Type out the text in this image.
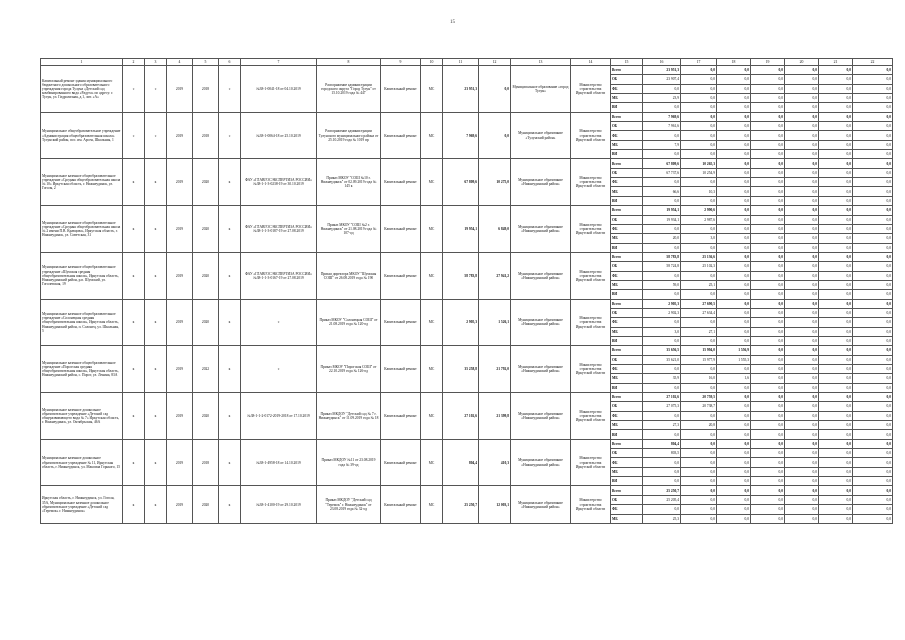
15
1	2	3	4	5	6	7	8	9	10	11	12	13	14	15	16	17	18	19	20	21	22
Капитальный ремонт здания муниципального бюджетного дошкольного образовательного учреждения города Тулуна «Детский сад комбинированного вида «Радуга» по адресу: г. Тулун, ул. Гидролизная, д.1, лит. «А»	с	с	2019	2018	с	№38-1-0041-18 от 04.10.2019	Распоряжение администрации городского округа "Город Тулун" от 15.10.2019 года № 447	Капитальный ремонт	МС	23 951,3	0,0	Муниципальное образование «город Тулун»	Министерство строительства Иркутской области	Всего	23 951,3	0,0	0,0	0,0	0,0	0,0	0,0
														ОБ	23 907,4	0,0	0,0	0,0	0,0	0,0	0,0
														ФБ	0,0	0,0	0,0	0,0	0,0	0,0	0,0
														МБ	23,9	0,0	0,0	0,0	0,0	0,0	0,0
														ВИ	0,0	0,0	0,0	0,0	0,0	0,0	0,0
Муниципальное общеобразовательное учреждение «Администрация общеобразовательная школа» Тулунский район, пос. им. Арсен, Школьная, 1	с	с	2019	2018	с	№38-1-0064-18 от 25.10.2019	Распоряжение администрации Тулунского муниципального района от 25.10.2019 года № 1019 пр	Капитальный ремонт	МС	7 969,6	0,0	Муниципальное образование «Тулунский район»	Министерство строительства Иркутской области	Всего	7 969,6	0,0	0,0	0,0	0,0	0,0	0,0
														ОБ	7 961,6	0,0	0,0	0,0	0,0	0,0	0,0
														ФБ	0,0	0,0	0,0	0,0	0,0	0,0	0,0
														МБ	7,9	0,0	0,0	0,0	0,0	0,0	0,0
														ВИ	0,0	0,0	0,0	0,0	0,0	0,0	0,0
Муниципальное казенное общеобразовательное учреждение «Средняя общеобразовательная школа № 10» Иркутская область, г. Нижнеудинск, ул. Гоголя, 2	к	к	2019	2020	к	ФАУ «ГЛАВГОСЭКСПЕРТИЗА РОССИИ» №38-1-1-3-0238-19 от 30.10.2019	Приказ МКОУ "СОШ №10 г. Нижнеудинск" от 02.09.2019 года № 145 к	Капитальный ремонт	МС	67 809,6	10 275,0	Муниципальное образование «Нижнеудинский район»	Министерство строительства Иркутской области	Всего	67 809,6	10 265,3	0,0	0,0	0,0	0,0	0,0
														ОБ	67 737,6	10 254,9	0,0	0,0	0,0	0,0	0,0
														ФБ	0,0	0,0	0,0	0,0	0,0	0,0	0,0
														МБ	66,6	10,3	0,0	0,0	0,0	0,0	0,0
														ВИ	0,0	0,0	0,0	0,0	0,0	0,0	0,0
Муниципальное казенное общеобразовательное учреждение «Средняя общеобразовательная школа № 2 имени П.В. Кравцова», Иркутская область, г. Нижнеудинск, ул. Советская, 31	к	к	2019	2020	к	ФАУ «ГЛАВГОСЭКСПЕРТИЗА РОССИИ» №38-1-1-3-0187-19 от 27.08.2019	Приказ МКОУ "СОШ №2 г. Нижнеудинск" от 21.08.2019 года № 107-од	Капитальный ремонт	МС	19 954,1	6 849,0	Муниципальное образование «Нижнеудинский район»	Министерство строительства Иркутской области	Всего	19 954,1	2 990,6	0,0	0,0	0,0	0,0	0,0
														ОБ	19 934,1	2 987,6	0,0	0,0	0,0	0,0	0,0
														ФБ	0,0	0,0	0,0	0,0	0,0	0,0	0,0
														МБ	20,0	3,0	0,0	0,0	0,0	0,0	0,0
														ВИ	0,0	0,0	0,0	0,0	0,0	0,0	0,0
Муниципальное казенное общеобразовательное учреждение «Шумская средняя общеобразовательная школа», Иркутская область, Нижнеудинский район, р.п. Шумский, ул. Гоголевская, 19	к	к	2019	2020	к	ФАУ «ГЛАВГОСЭКСПЕРТИЗА РОССИИ» №38-1-1-3-0167-19 от 27.08.2019	Приказ директора МКОУ "Шумская СОШ" от 26.08.2019 года № 190	Капитальный ремонт	МС	58 783,8	27 941,2	Муниципальное образование «Нижнеудинский район»	Министерство строительства Иркутской области	Всего	58 783,8	25 136,6	0,0	0,0	0,0	0,0	0,0
														ОБ	58 724,8	25 102,3	0,0	0,0	0,0	0,0	0,0
														ФБ	0,0	0,0	0,0	0,0	0,0	0,0	0,0
														МБ	59,0	25,1	0,0	0,0	0,0	0,0	0,0
														ВИ	0,0	0,0	0,0	0,0	0,0	0,0	0,0
Муниципальное казенное общеобразовательное учреждение «Солонецкая средняя общеобразовательная школа», Иркутская область, Нижнеудинский район, п. Солонец, ул. Школьная, 5	к	к	2019	2020	к	с	Приказ МКОУ "Солонецкая СОШ" от 21.08.2019 года № 120-од	Капитальный ремонт	МС	2 905,3	1 526,1	Муниципальное образование «Нижнеудинский район»	Министерство строительства Иркутской области	Всего	2 905,3	27 690,5	0,0	0,0	0,0	0,0	0,0
														ОБ	2 902,3	27 634,4	0,0	0,0	0,0	0,0	0,0
														ФБ	0,0	0,0	0,0	0,0	0,0	0,0	0,0
														МБ	3,0	27,1	0,0	0,0	0,0	0,0	0,0
														ВИ	0,0	0,0	0,0	0,0	0,0	0,0	0,0
Муниципальное казенное общеобразовательное учреждение «Порогская средняя общеобразовательная школа», Иркутская область, Нижнеудинский район, с. Порог, ул. Ленина, 83А	к	к	2019	2022	к	с	Приказ МКОУ "Порогская СОШ" от 22.10.2019 года № 126-од	Капитальный ремонт	МС	35 258,8	21 792,0	Муниципальное образование «Нижнеудинский район»	Министерство строительства Иркутской области	Всего	35 656,5	15 994,0	1 556,9	0,0	0,0	0,0	0,0
														ОБ	35 621,0	15 977,9	1 555,3	0,0	0,0	0,0	0,0
														ФБ	0,0	0,0	0,0	0,0	0,0	0,0	0,0
														МБ	35,9	16,0	1,6	0,0	0,0	0,0	0,0
														ВИ	0,0	0,0	0,0	0,0	0,0	0,0	0,0
Муниципальное казенное дошкольное образовательное учреждение «Детский сад общеразвивающего вида № 7» Иркутская область, г. Нижнеудинск, ул. Октябрьская, 46А	к	к	2019	2020	к	№38-1-1-2-0172-2019-2018 от 17.10.2019	Приказ МКДОУ "Детский сад № 7 г. Нижнеудинск" от 11.09.2019 года № 18	Капитальный ремонт	МС	27 102,6	21 399,8	Муниципальное образование «Нижнеудинский район»	Министерство строительства Иркутской области	Всего	27 102,6	20 759,5	0,0	0,0	0,0	0,0	0,0
														ОБ	27 075,3	20 738,7	0,0	0,0	0,0	0,0	0,0
														ФБ	0,0	0,0	0,0	0,0	0,0	0,0	0,0
														МБ	27,3	20,8	0,0	0,0	0,0	0,0	0,0
														ВИ	0,0	0,0	0,0	0,0	0,0	0,0	0,0
Муниципальное казенное дошкольное образовательное учреждение № 11, Иркутская область, г. Нижнеудинск, ул. Максима Горького, 15	к	к	2019	2018	к	№38-1-4958-18 от 14.10.2019	Приказ МКДОУ №11 от 23.08.2019 года № 39-од	Капитальный ремонт	МС	804,4	410,3	Муниципальное образование «Нижнеудинский район»	Министерство строительства Иркутской области	Всего	804,4	0,0	0,0	0,0	0,0	0,0	0,0
														ОБ	803,5	0,0	0,0	0,0	0,0	0,0	0,0
														ФБ	0,0	0,0	0,0	0,0	0,0	0,0	0,0
														МБ	0,8	0,0	0,0	0,0	0,0	0,0	0,0
														ВИ	0,0	0,0	0,0	0,0	0,0	0,0	0,0
Иркутская область, г. Нижнеудинск, ул. Гоголя, 35А, Муниципальное казенное дошкольное образовательное учреждение «Детский сад «Теремок» г. Нижнеудинск»	к	к	2019	2020	к	№38-1-4100-19 от 29.10.2019	Приказ МКДОУ "Детский сад "Теремок" г. Нижнеудинск" от 23.08.2019 года № 32-од	Капитальный ремонт	МС	25 250,7	12 003,1	Муниципальное образование «Нижнеудинский район»	Министерство строительства Иркутской области	Всего	25 250,7	0,0	0,0	0,0	0,0	0,0	0,0
														ОБ	25 205,4	0,0	0,0	0,0	0,0	0,0	0,0
														ФБ	0,0	0,0	0,0	0,0	0,0	0,0	0,0
														МБ	25,3	0,0	0,0	0,0	0,0	0,0	0,0
